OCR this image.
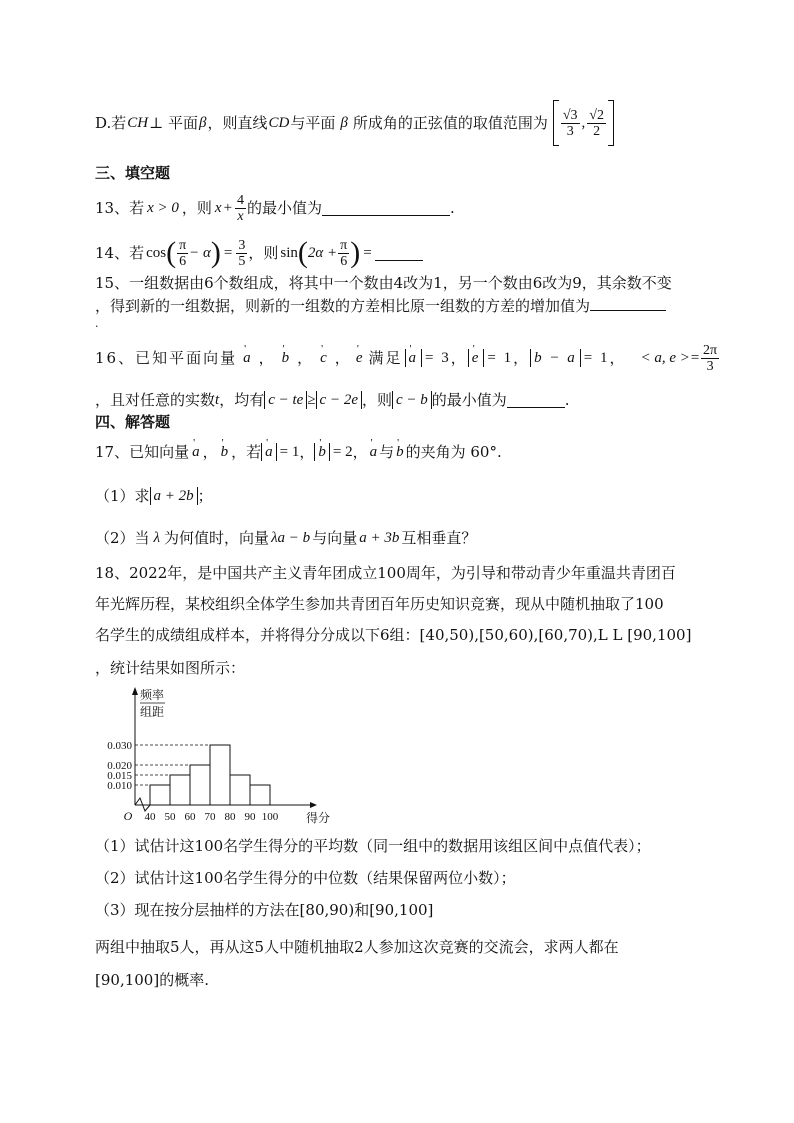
D.若 CH ⊥ 平面 β ，则直线 CD 与平面 β 所成角的正弦值的取值范围为 $\frac{√3}{3}$ , $\frac{√2}{2}$
三、填空题
13、若 x > 0 ，则 $x + \frac{4}{x}$ 的最小值为	.
14、若 cos ( $\frac{\pi}{6} - \alpha$ ) = $\frac{3}{5}$ ，则 sin ( $2\alpha + \frac{\pi}{6}$ ) =
15、一组数据由6个数组成，将其中一个数由4改为1，另一个数由6改为9，其余数不变
，得到新的一组数据，则新的一组数的方差相比原一组数的方差的增加值为
.
16、已知平面向量 ' a ， ' b ， ' c ， ' e 满足 ' a = 3 ， ' e = 1 ， b − a = 1 ， < a, $e >= \frac{2\pi}{3}$
，且对任意的实数 t ，均有 c − te ≥ c − 2e ，则 c − b 的最小值为	.
四、解答题
17、已知向量 ' a ， ' b ，若 ' a = 1 ， ' b = 2 ， ' a 与 ' b 的夹角为 60°.
（1）求 a + 2b ；
（2）当 λ 为何值时，向量 λa − b 与向量 a + 3b 互相垂直？
18、2022年，是中国共产主义青年团成立100周年，为引导和带动青少年重温共青团百
年光辉历程，某校组织全体学生参加共青团百年历史知识竞赛，现从中随机抽取了100
名学生的成绩组成样本，并将得分分成以下6组：[40,50),[50,60),[60,70),L L [90,100]
，统计结果如图所示：
0.010
0.015
0.020
0.030
40 50 60 70 80 90 100
O
频率
组距
得分
（1）试估计这100名学生得分的平均数（同一组中的数据用该组区间中点值代表）；
（2）试估计这100名学生得分的中位数（结果保留两位小数）；
（3）现在按分层抽样的方法在[80,90)和[90,100]
两组中抽取5人，再从这5人中随机抽取2人参加这次竞赛的交流会，求两人都在
[90,100]的概率.
